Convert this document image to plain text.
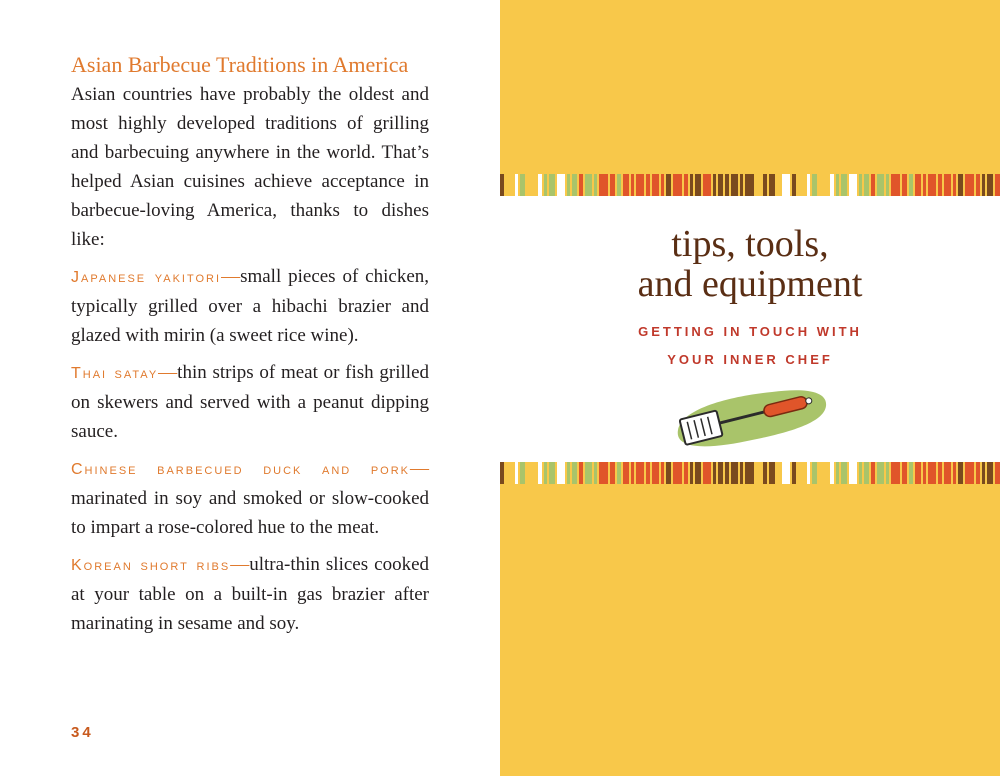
Asian Barbecue Traditions in America

Asian countries have probably the oldest and most highly developed traditions of grilling and barbecuing anywhere in the world. That’s helped Asian cuisines achieve acceptance in barbecue-loving America, thanks to dishes like:

Japanese yakitori—small pieces of chicken, typically grilled over a hibachi brazier and glazed with mirin (a sweet rice wine).

Thai satay—thin strips of meat or fish grilled on skewers and served with a peanut dipping sauce.

Chinese barbecued duck and pork—marinated in soy and smoked or slow-cooked to impart a rose-colored hue to the meat.

Korean short ribs—ultra-thin slices cooked at your table on a built-in gas brazier after marinating in sesame and soy.

34
tips, tools,
and equipment
GETTING IN TOUCH WITH
YOUR INNER CHEF
